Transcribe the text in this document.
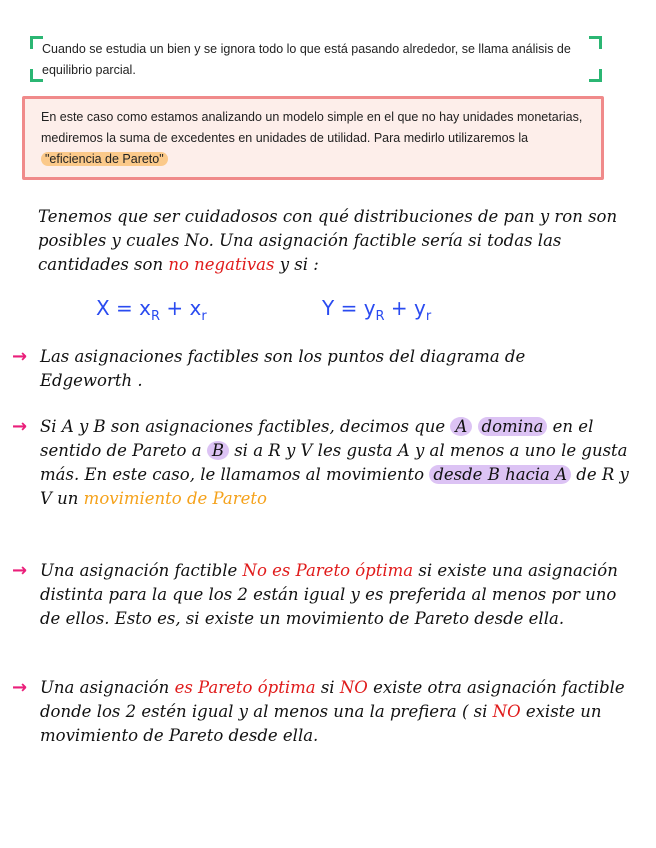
Cuando se estudia un bien y se ignora todo lo que está pasando alrededor, se llama análisis de equilibrio parcial.

En este caso como estamos analizando un modelo simple en el que no hay unidades monetarias, mediremos la suma de excedentes en unidades de utilidad. Para medirlo utilizaremos la "eficiencia de Pareto"

Tenemos que ser cuidadosos con qué distribuciones de pan y ron son posibles y cuales No. Una asignación factible sería si todas las cantidades son no negativas y si :

$X = x_R + x_r$	$Y = y_R + y_r$
→ Las asignaciones factibles son los puntos del diagrama de Edgeworth .

→ Si A y B son asignaciones factibles, decimos que A domina en el sentido de Pareto a B si a R y V les gusta A y al menos a uno le gusta más. En este caso, le llamamos al movimiento desde B hacia A de R y V un movimiento de Pareto

→ Una asignación factible No es Pareto óptima si existe una asignación distinta para la que los 2 están igual y es preferida al menos por uno de ellos. Esto es, si existe un movimiento de Pareto desde ella.

→ Una asignación es Pareto óptima si NO existe otra asignación factible donde los 2 estén igual y al menos una la prefiera ( si NO existe un movimiento de Pareto desde ella.
